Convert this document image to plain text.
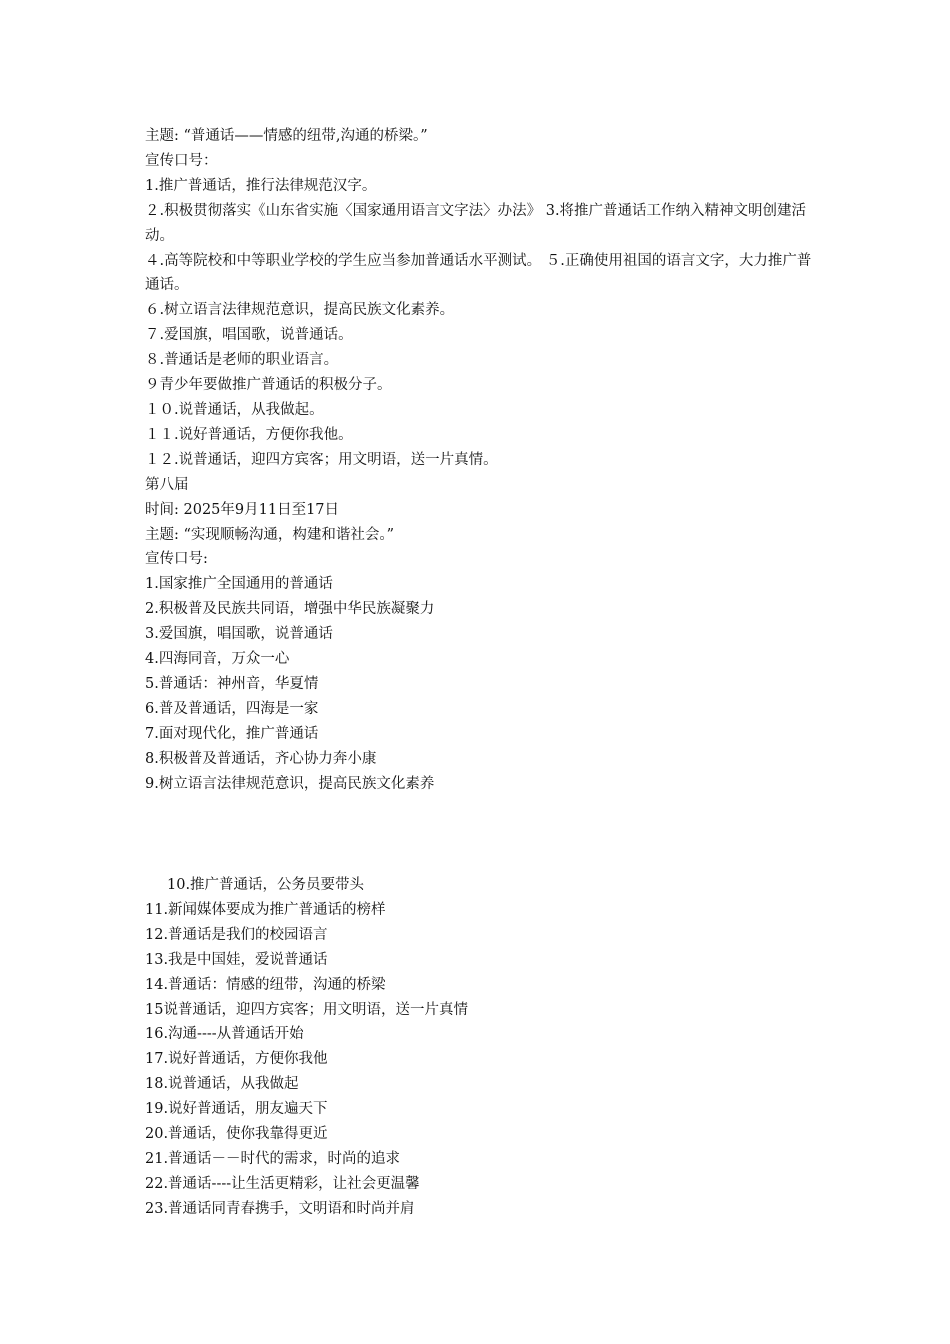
主题: “普通话——情感的纽带,沟通的桥梁。”

宣传口号：

1.推广普通话，推行法律规范汉字。

２.积极贯彻落实《山东省实施〈国家通用语言文字法〉办法》 3.将推广普通话工作纳入精神文明创建活动。

４.高等院校和中等职业学校的学生应当参加普通话水平测试。 ５.正确使用祖国的语言文字，大力推广普通话。

６.树立语言法律规范意识，提高民族文化素养。

７.爱国旗，唱国歌，说普通话。

８.普通话是老师的职业语言。

９青少年要做推广普通话的积极分子。

１０.说普通话，从我做起。

１１.说好普通话，方便你我他。

１２.说普通话，迎四方宾客；用文明语，送一片真情。

第八届

时间: 2025年9月11日至17日

主题: “实现顺畅沟通，构建和谐社会。”

宣传口号:

1.国家推广全国通用的普通话

2.积极普及民族共同语，增强中华民族凝聚力

3.爱国旗，唱国歌，说普通话

4.四海同音，万众一心

5.普通话：神州音，华夏情

6.普及普通话，四海是一家

7.面对现代化，推广普通话

8.积极普及普通话，齐心协力奔小康

9.树立语言法律规范意识，提高民族文化素养

10.推广普通话，公务员要带头

11.新闻媒体要成为推广普通话的榜样

12.普通话是我们的校园语言

13.我是中国娃，爱说普通话

14.普通话：情感的纽带，沟通的桥梁

15说普通话，迎四方宾客；用文明语，送一片真情

16.沟通----从普通话开始

17.说好普通话，方便你我他

18.说普通话，从我做起

19.说好普通话，朋友遍天下

20.普通话，使你我靠得更近

21.普通话－－时代的需求，时尚的追求

22.普通话----让生活更精彩，让社会更温馨

23.普通话同青春携手，文明语和时尚并肩
